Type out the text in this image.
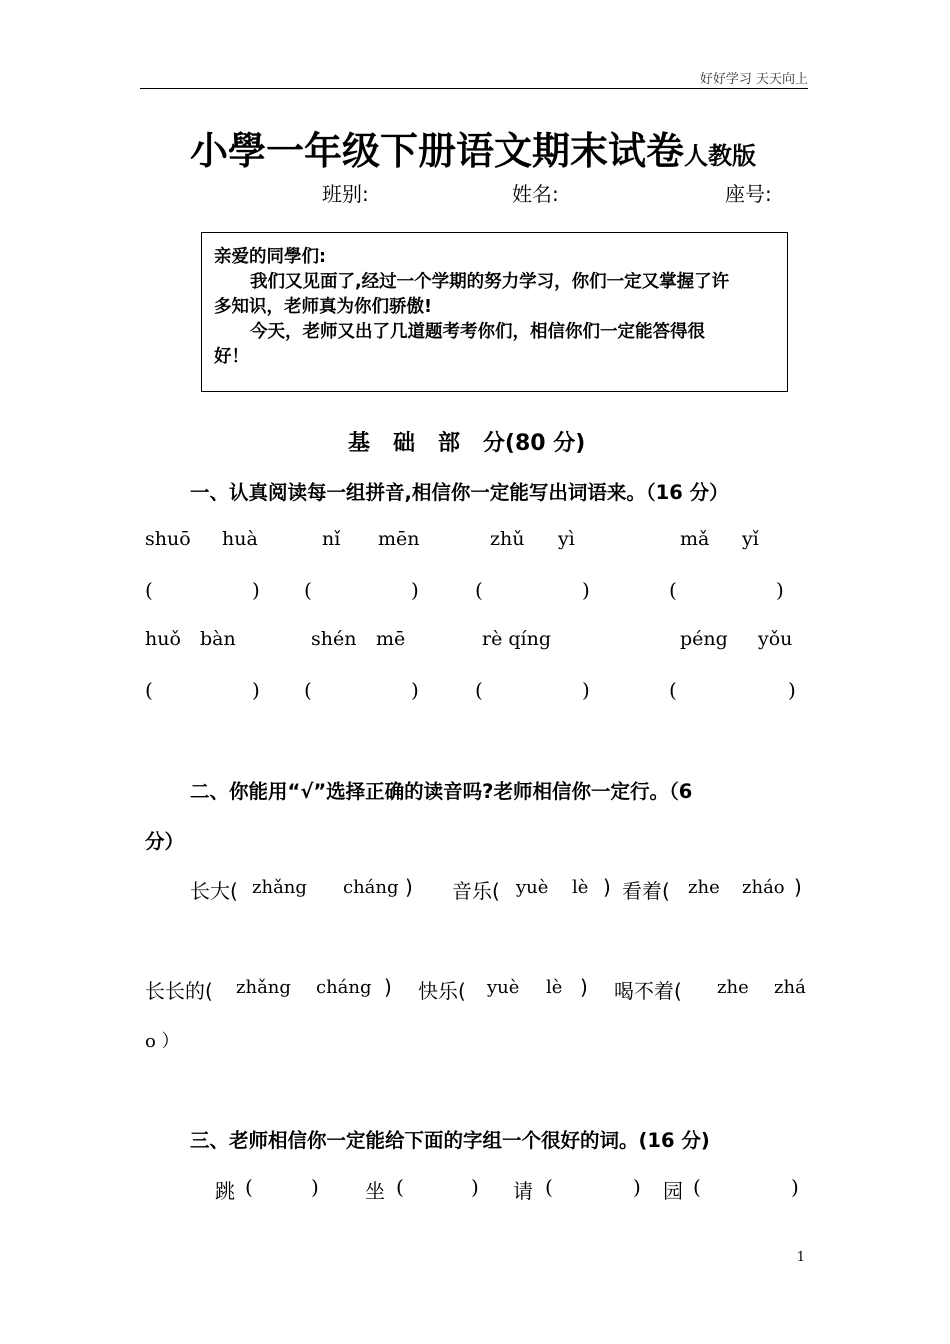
好好学习 天天向上
小學一年级下册语文期末试卷人教版
班别:	姓名:	座号:
亲爱的同學们:
我们又见面了,经过一个学期的努力学习，你们一定又掌握了许
多知识，老师真为你们骄傲!
今天，老师又出了几道题考考你们，相信你们一定能答得很
好！
基   础   部   分(80 分)
一、认真阅读每一组拼音,相信你一定能写出词语来。（16 分）
shuō huà	nǐ mēn	zhǔ yì	mǎ yǐ
(	) (	)	(	)	(	)
huǒ bàn	shén mē	rè qíng	péng yǒu
(	) (	)	(	)	(	)
二、你能用“√”选择正确的读音吗?老师相信你一定行。（6
分）
长大( zhǎng cháng ) 音乐( yuè lè ) 看着( zhe zháo )
长长的( zhǎng cháng ) 快乐( yuè lè ) 喝不着( zhe zhá
o ）
三、老师相信你一定能给下面的字组一个很好的词。(16 分)
跳 (	) 坐 (	) 请 (	) 园 (	)
1
